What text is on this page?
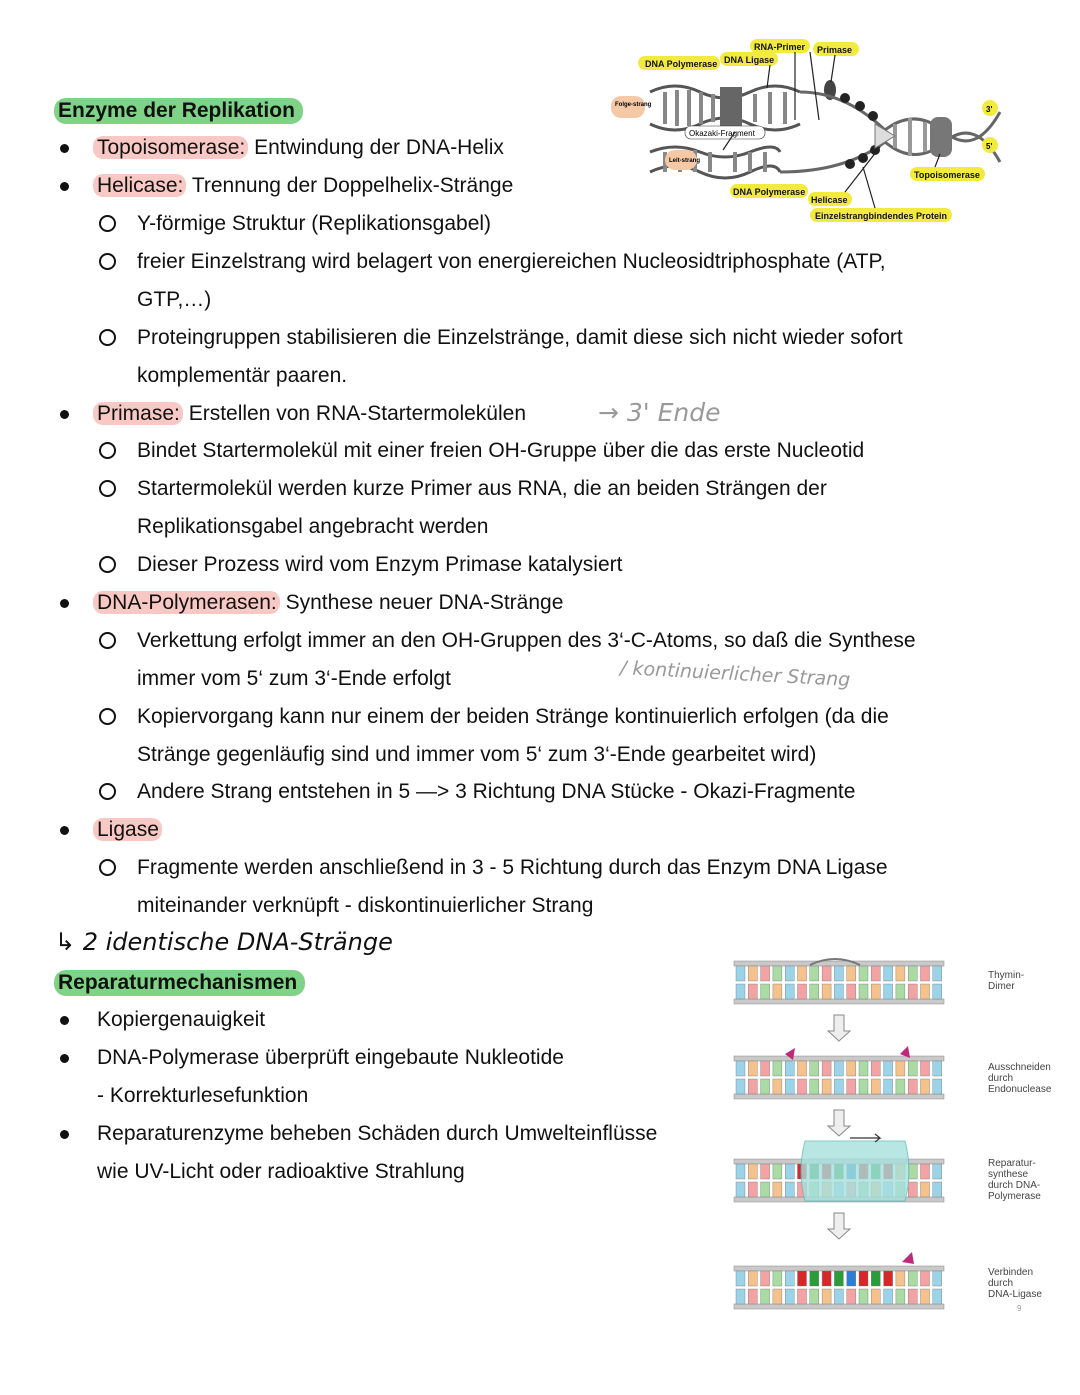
DNA Polymerase DNA Ligase
RNA-Primer Primase
Folge-strang
Leit-strang
Okazaki-Fragment
DNA Polymerase
Helicase
Topoisomerase
Einzelstrangbindendes Protein
3'
5'
Enzyme der Replikation
Topoisomerase: Entwindung der DNA-Helix
Helicase: Trennung der Doppelhelix-Stränge
Y-förmige Struktur (Replikationsgabel)
freier Einzelstrang wird belagert von energiereichen Nucleosidtriphosphate (ATP,
GTP,…)
Proteingruppen stabilisieren die Einzelstränge, damit diese sich nicht wieder sofort
komplementär paaren.
Primase: Erstellen von RNA-Startermolekülen	→ 3' Ende
Bindet Startermolekül mit einer freien OH-Gruppe über die das erste Nucleotid
Startermolekül werden kurze Primer aus RNA, die an beiden Strängen der
Replikationsgabel angebracht werden
Dieser Prozess wird vom Enzym Primase katalysiert
DNA-Polymerasen: Synthese neuer DNA-Stränge
Verkettung erfolgt immer an den OH-Gruppen des 3‘-C-Atoms, so daß die Synthese
immer vom 5‘ zum 3‘-Ende erfolgt	/ kontinuierlicher Strang
Kopiervorgang kann nur einem der beiden Stränge kontinuierlich erfolgen (da die
Stränge gegenläufig sind und immer vom 5‘ zum 3‘-Ende gearbeitet wird)
Andere Strang entstehen in 5 —> 3 Richtung DNA Stücke - Okazi-Fragmente
Ligase
Fragmente werden anschließend in 3 - 5 Richtung durch das Enzym DNA Ligase
miteinander verknüpft - diskontinuierlicher Strang
↳ 2 identische DNA-Stränge
Reparaturmechanismen
Kopiergenauigkeit
DNA-Polymerase überprüft eingebaute Nukleotide
- Korrekturlesefunktion
Reparaturenzyme beheben Schäden durch Umwelteinflüsse
wie UV-Licht oder radioaktive Strahlung
Thymin-
Dimer
Ausschneiden
durch
Endonuclease
Reparatur-
synthese
durch DNA-
Polymerase
Verbinden
durch
DNA-Ligase
9
